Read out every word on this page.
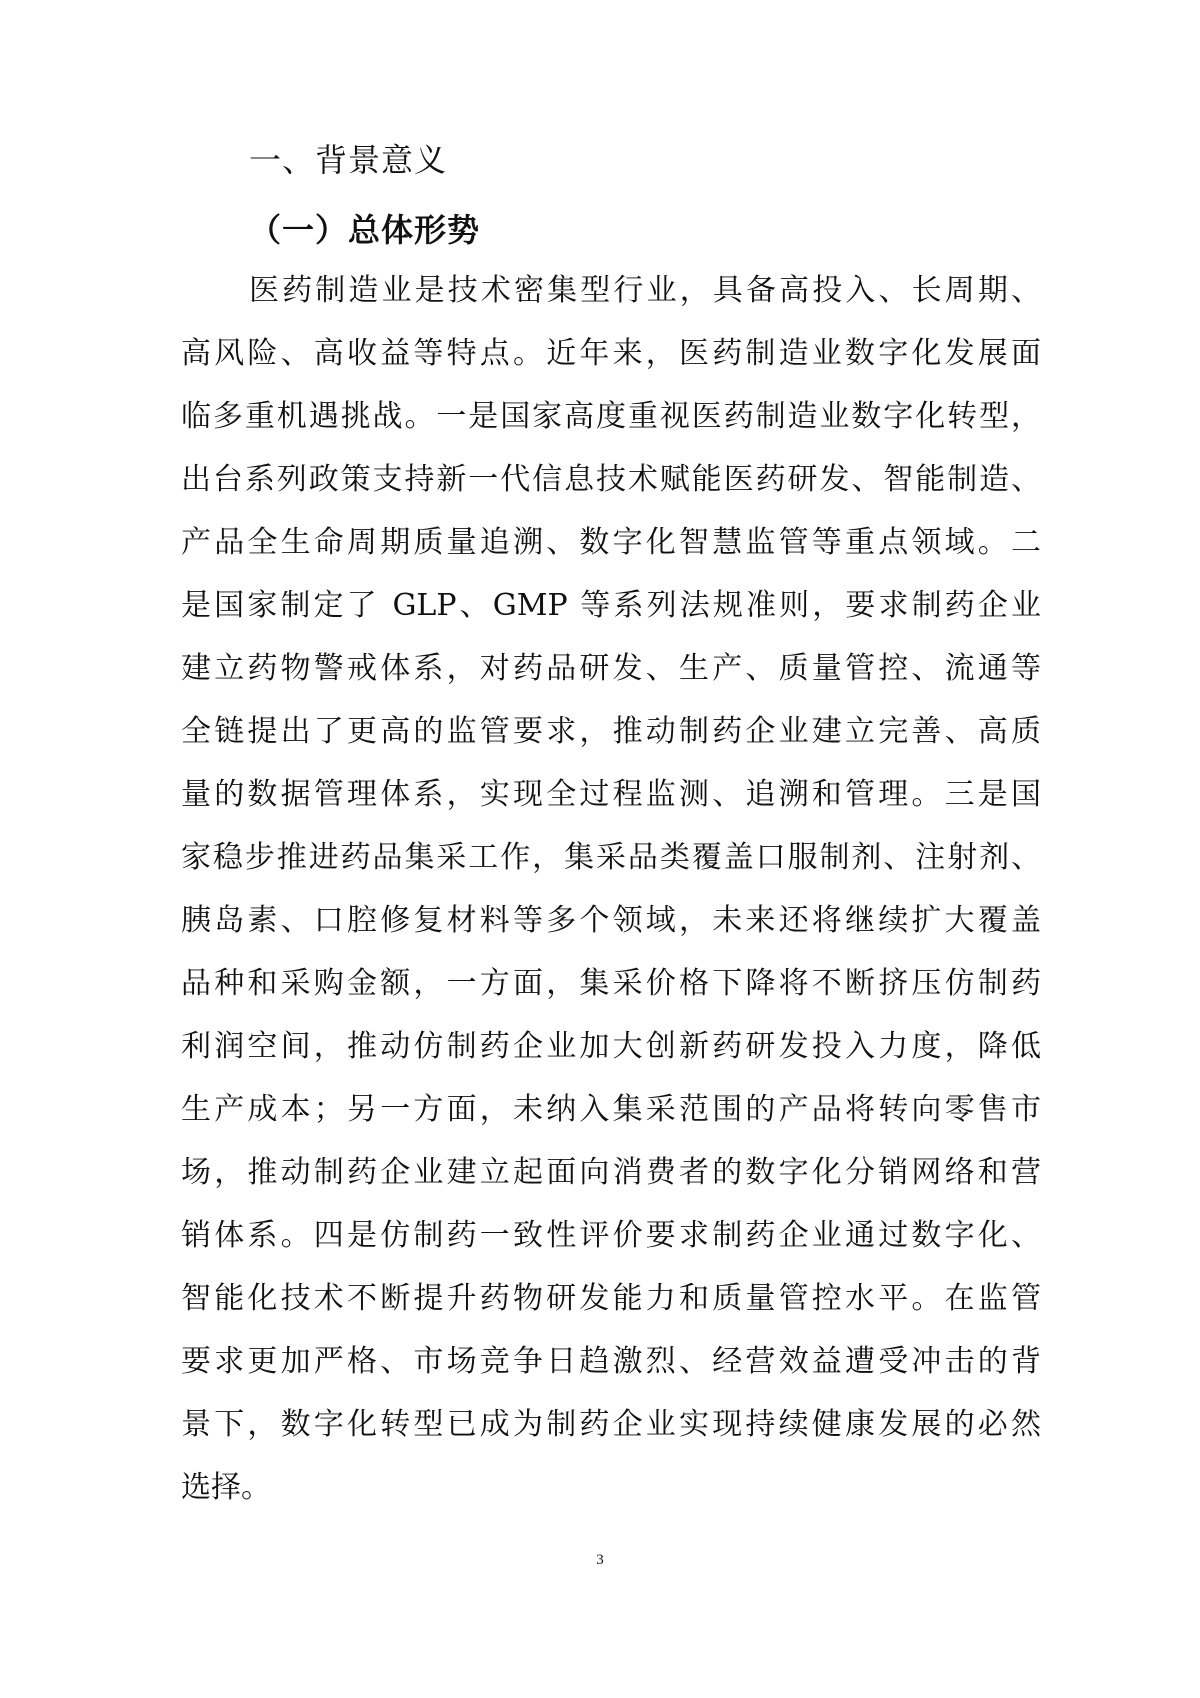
一、背景意义
（一）总体形势
医药制造业是技术密集型行业，具备高投入、长周期、
高风险、高收益等特点。近年来，医药制造业数字化发展面
临多重机遇挑战。一是国家高度重视医药制造业数字化转型，
出台系列政策支持新一代信息技术赋能医药研发、智能制造、
产品全生命周期质量追溯、数字化智慧监管等重点领域。二
是国家制定了 GLP、GMP 等系列法规准则，要求制药企业
建立药物警戒体系，对药品研发、生产、质量管控、流通等
全链提出了更高的监管要求，推动制药企业建立完善、高质
量的数据管理体系，实现全过程监测、追溯和管理。三是国
家稳步推进药品集采工作，集采品类覆盖口服制剂、注射剂、
胰岛素、口腔修复材料等多个领域，未来还将继续扩大覆盖
品种和采购金额，一方面，集采价格下降将不断挤压仿制药
利润空间，推动仿制药企业加大创新药研发投入力度，降低
生产成本；另一方面，未纳入集采范围的产品将转向零售市
场，推动制药企业建立起面向消费者的数字化分销网络和营
销体系。四是仿制药一致性评价要求制药企业通过数字化、
智能化技术不断提升药物研发能力和质量管控水平。在监管
要求更加严格、市场竞争日趋激烈、经营效益遭受冲击的背
景下，数字化转型已成为制药企业实现持续健康发展的必然
选择。
3
